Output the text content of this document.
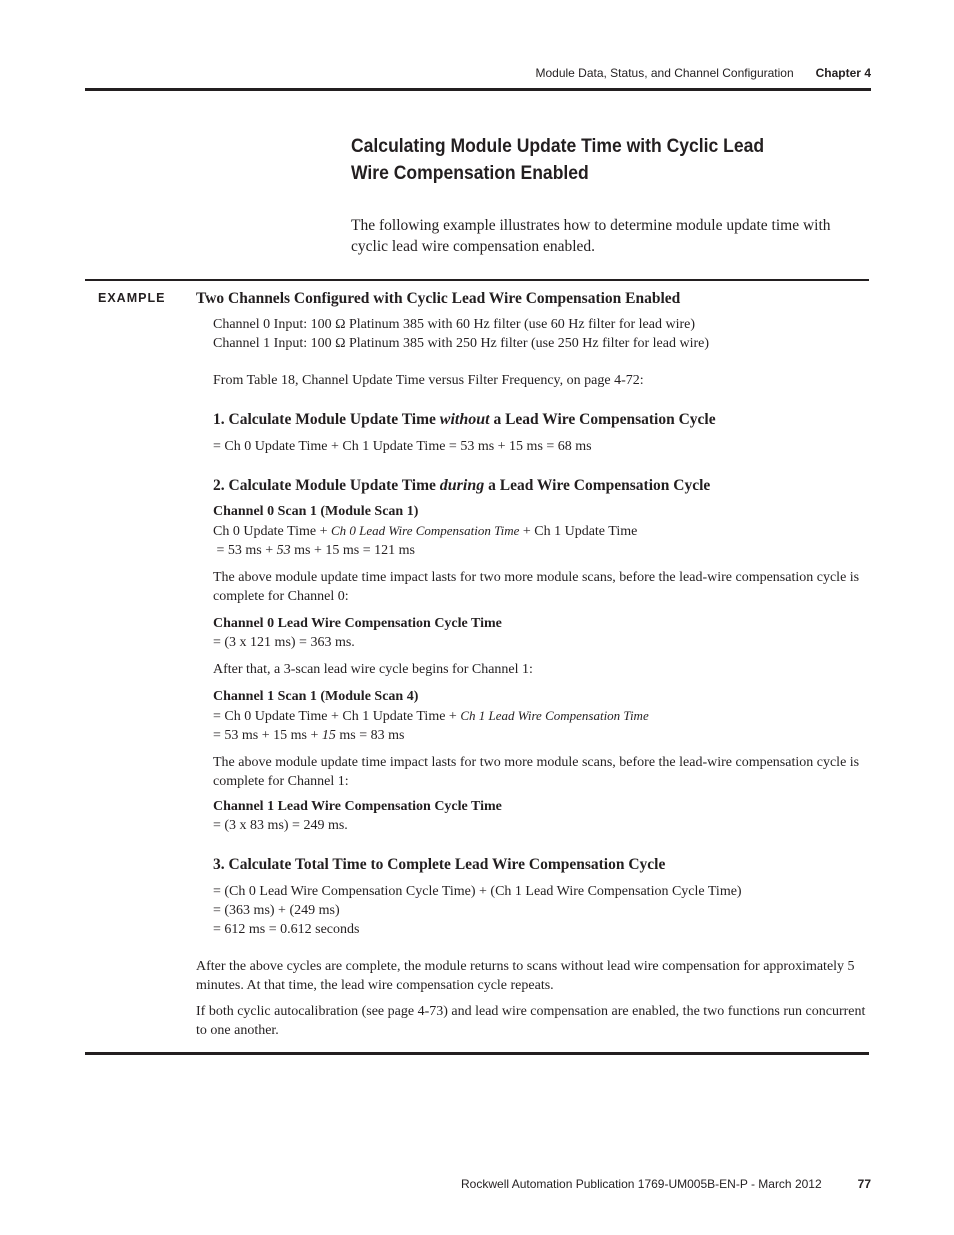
Module Data, Status, and Channel Configuration Chapter 4
Calculating Module Update Time with Cyclic Lead Wire Compensation Enabled
The following example illustrates how to determine module update time with cyclic lead wire compensation enabled.
EXAMPLE Two Channels Configured with Cyclic Lead Wire Compensation Enabled

Channel 0 Input: 100 Ω Platinum 385 with 60 Hz filter (use 60 Hz filter for lead wire)

Channel 1 Input: 100 Ω Platinum 385 with 250 Hz filter (use 250 Hz filter for lead wire)

From Table 18, Channel Update Time versus Filter Frequency, on page 4-72:

1. Calculate Module Update Time without a Lead Wire Compensation Cycle

= Ch 0 Update Time + Ch 1 Update Time = 53 ms + 15 ms = 68 ms

2. Calculate Module Update Time during a Lead Wire Compensation Cycle

Channel 0 Scan 1 (Module Scan 1)

Ch 0 Update Time + Ch 0 Lead Wire Compensation Time + Ch 1 Update Time

= 53 ms + 53 ms + 15 ms = 121 ms

The above module update time impact lasts for two more module scans, before the lead-wire compensation cycle is complete for Channel 0:

Channel 0 Lead Wire Compensation Cycle Time

= (3 x 121 ms) = 363 ms.

After that, a 3-scan lead wire cycle begins for Channel 1:

Channel 1 Scan 1 (Module Scan 4)

= Ch 0 Update Time + Ch 1 Update Time + Ch 1 Lead Wire Compensation Time

= 53 ms + 15 ms + 15 ms = 83 ms

The above module update time impact lasts for two more module scans, before the lead-wire compensation cycle is complete for Channel 1:

Channel 1 Lead Wire Compensation Cycle Time

= (3 x 83 ms) = 249 ms.

3. Calculate Total Time to Complete Lead Wire Compensation Cycle

= (Ch 0 Lead Wire Compensation Cycle Time) + (Ch 1 Lead Wire Compensation Cycle Time)

= (363 ms) + (249 ms)

= 612 ms = 0.612 seconds

After the above cycles are complete, the module returns to scans without lead wire compensation for approximately 5 minutes. At that time, the lead wire compensation cycle repeats.

If both cyclic autocalibration (see page 4-73) and lead wire compensation are enabled, the two functions run concurrent to one another.

Rockwell Automation Publication 1769-UM005B-EN-P - March 2012	77
